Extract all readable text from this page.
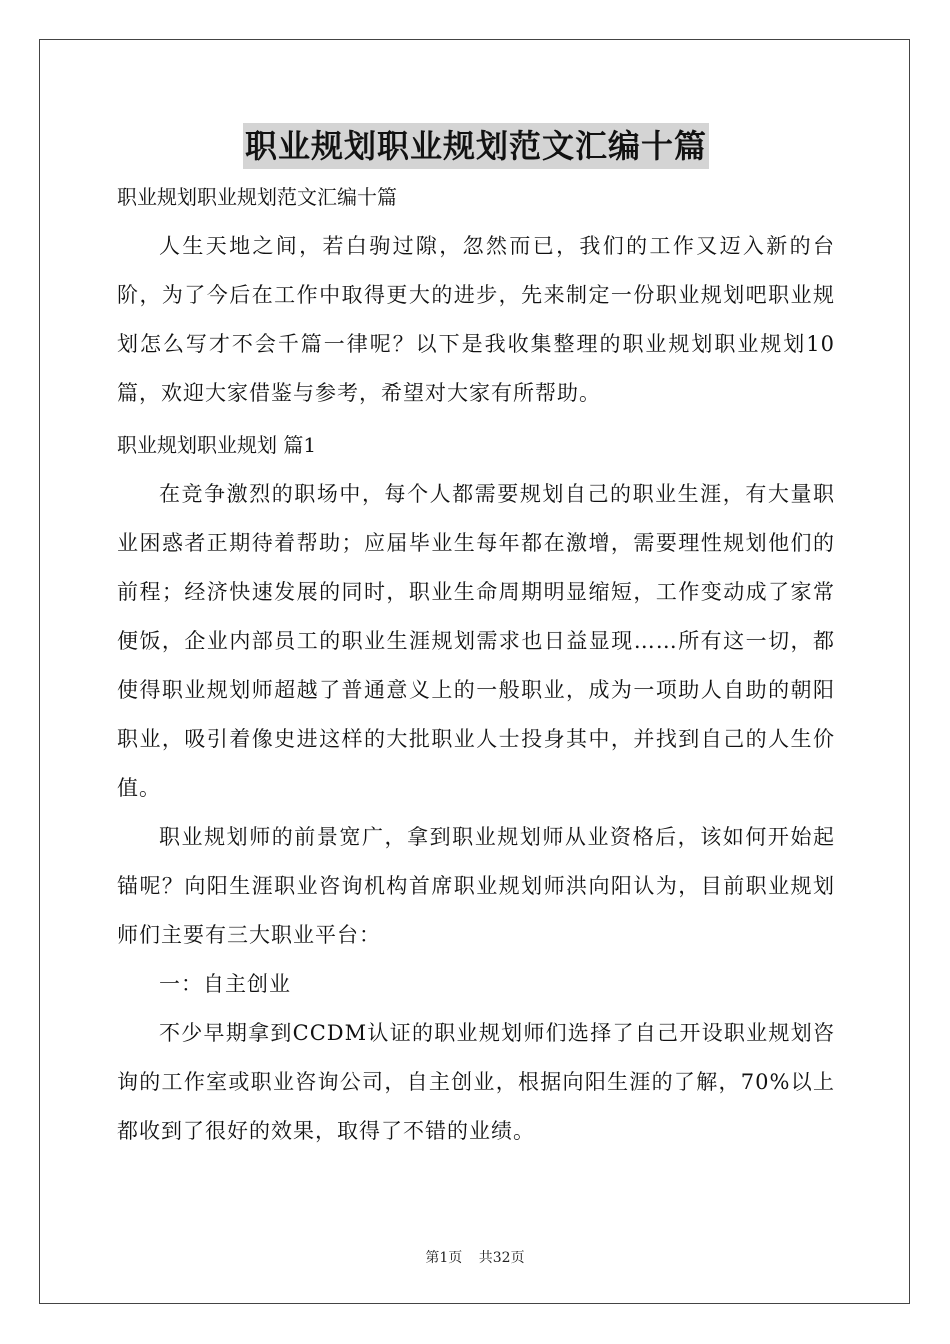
职业规划职业规划范文汇编十篇
职业规划职业规划范文汇编十篇

人生天地之间，若白驹过隙，忽然而已，我们的工作又迈入新的台阶，为了今后在工作中取得更大的进步，先来制定一份职业规划吧职业规划怎么写才不会千篇一律呢？以下是我收集整理的职业规划职业规划10篇，欢迎大家借鉴与参考，希望对大家有所帮助。

职业规划职业规划 篇1

在竞争激烈的职场中，每个人都需要规划自己的职业生涯，有大量职业困惑者正期待着帮助；应届毕业生每年都在激增，需要理性规划他们的前程；经济快速发展的同时，职业生命周期明显缩短，工作变动成了家常便饭，企业内部员工的职业生涯规划需求也日益显现……所有这一切，都使得职业规划师超越了普通意义上的一般职业，成为一项助人自助的朝阳职业，吸引着像史进这样的大批职业人士投身其中，并找到自己的人生价值。

职业规划师的前景宽广，拿到职业规划师从业资格后，该如何开始起锚呢？向阳生涯职业咨询机构首席职业规划师洪向阳认为，目前职业规划师们主要有三大职业平台：

一：自主创业

不少早期拿到CCDM认证的职业规划师们选择了自己开设职业规划咨询的工作室或职业咨询公司，自主创业，根据向阳生涯的了解，70%以上都收到了很好的效果，取得了不错的业绩。

第1页 共32页
